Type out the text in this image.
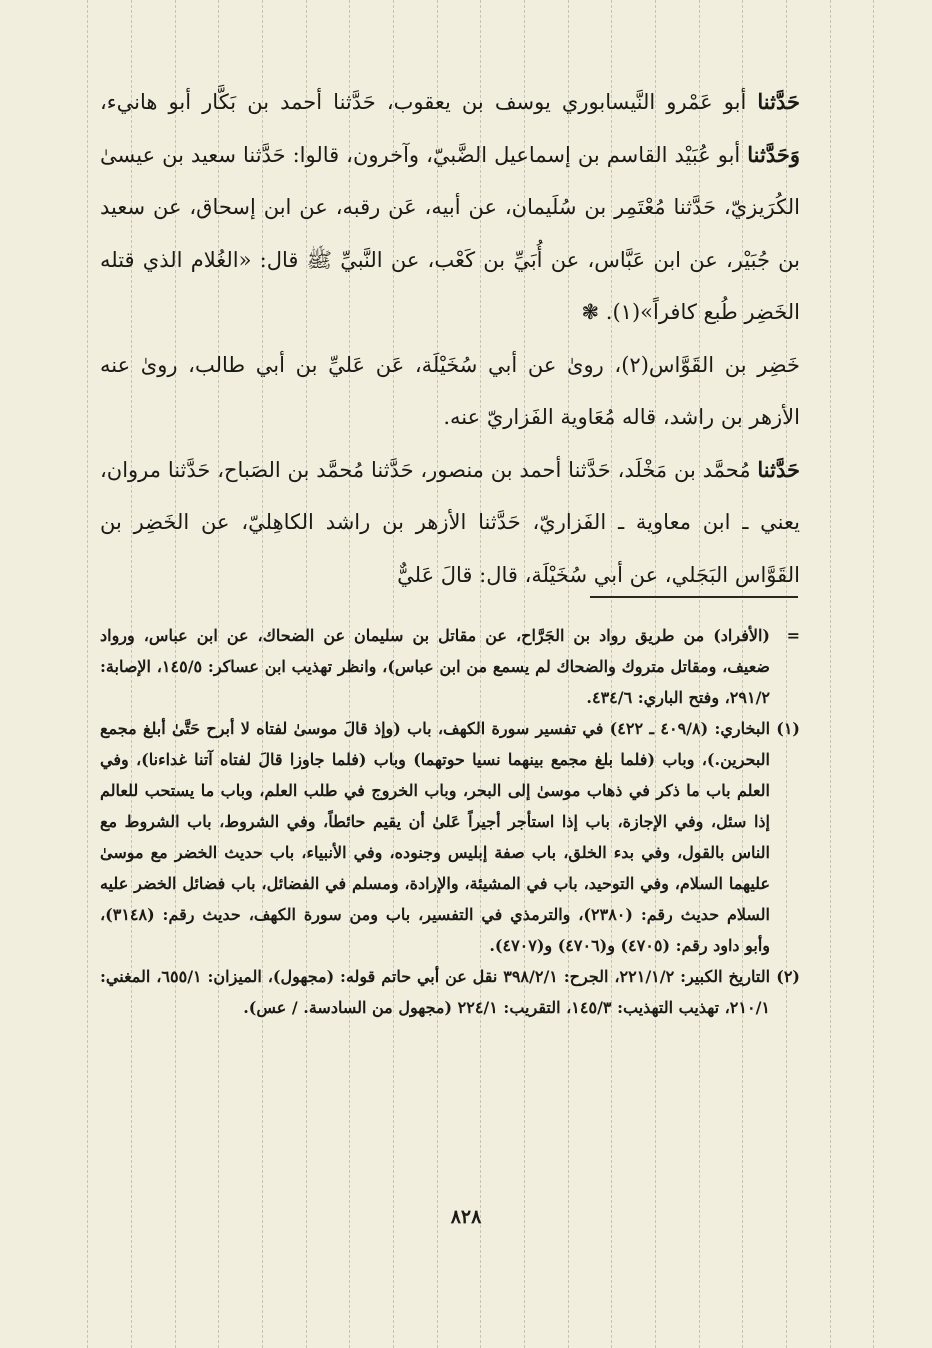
حَدَّثنا أبو عَمْرو النَّيسابوري يوسف بن يعقوب، حَدَّثنا أحمد بن بَكَّار أبو هانيء، وَحَدَّثنا أبو عُبَيْد القاسم بن إسماعيل الضَّبيّ، وآخرون، قالوا: حَدَّثنا سعيد بن عيسىٰ الكُرَيزيّ، حَدَّثنا مُعْتَمِر بن سُلَيمان، عن أبيه، عَن رقبه، عن ابن إسحاق، عن سعيد بن جُبَيْر، عن ابن عَبَّاس، عن أُبَيِّ بن كَعْب، عن النَّبيِّ ﷺ قال: «الغُلام الذي قتله الخَضِر طُبع كافراً»(١). ❃

خَضِر بن القَوَّاس(٢)، روىٰ عن أبي سُخَيْلَة، عَن عَليِّ بن أبي طالب، روىٰ عنه الأزهر بن راشد، قاله مُعَاوية الفَزاريّ عنه.

حَدَّثنا مُحمَّد بن مَخْلَد، حَدَّثنا أحمد بن منصور، حَدَّثنا مُحمَّد بن الصَباح، حَدَّثنا مروان، يعني ـ ابن معاوية ـ الفَزاريّ، حَدَّثنا الأزهر بن راشد الكاهِليّ، عن الخَضِر بن القَوَّاس البَجَلي، عن أبي سُخَيْلَة، قال: قالَ عَليٌّ

=
(الأفراد) من طريق رواد بن الجَرَّاح، عن مقاتل بن سليمان عن الضحاك، عن ابن عباس، ورواد ضعيف، ومقاتل متروك والضحاك لم يسمع من ابن عباس)، وانظر تهذيب ابن عساكر: ١٤٥/٥، الإصابة: ٢٩١/٢، وفتح الباري: ٤٣٤/٦.
(١)
البخاري: (٤٠٩/٨ ـ ٤٢٢) في تفسير سورة الكهف، باب (وإذ قالَ موسىٰ لفتاه لا أبرح حَتَّىٰ أبلغ مجمع البحرين.)، وباب (فلما بلغ مجمع بينهما نسيا حوتهما) وباب (فلما جاوزا قالَ لفتاه آتنا غداءنا)، وفي العلم باب ما ذكر في ذهاب موسىٰ إلى البحر، وباب الخروج في طلب العلم، وباب ما يستحب للعالم إذا سئل، وفي الإجازة، باب إذا استأجر أجيراً عَلىٰ أن يقيم حائطاً، وفي الشروط، باب الشروط مع الناس بالقول، وفي بدء الخلق، باب صفة إبليس وجنوده، وفي الأنبياء، باب حديث الخضر مع موسىٰ عليهما السلام، وفي التوحيد، باب في المشيئة، والإرادة، ومسلم في الفضائل، باب فضائل الخضر عليه السلام حديث رقم: (٢٣٨٠)، والترمذي في التفسير، باب ومن سورة الكهف، حديث رقم: (٣١٤٨)، وأبو داود رقم: (٤٧٠٥) و(٤٧٠٦) و(٤٧٠٧).
(٢)
التاريخ الكبير: ٢٢١/١/٢، الجرح: ٣٩٨/٢/١ نقل عن أبي حاتم قوله: (مجهول)، الميزان: ٦٥٥/١، المغني: ٢١٠/١، تهذيب التهذيب: ١٤٥/٣، التقريب: ٢٢٤/١ (مجهول من السادسة. / عس).
٨٢٨
